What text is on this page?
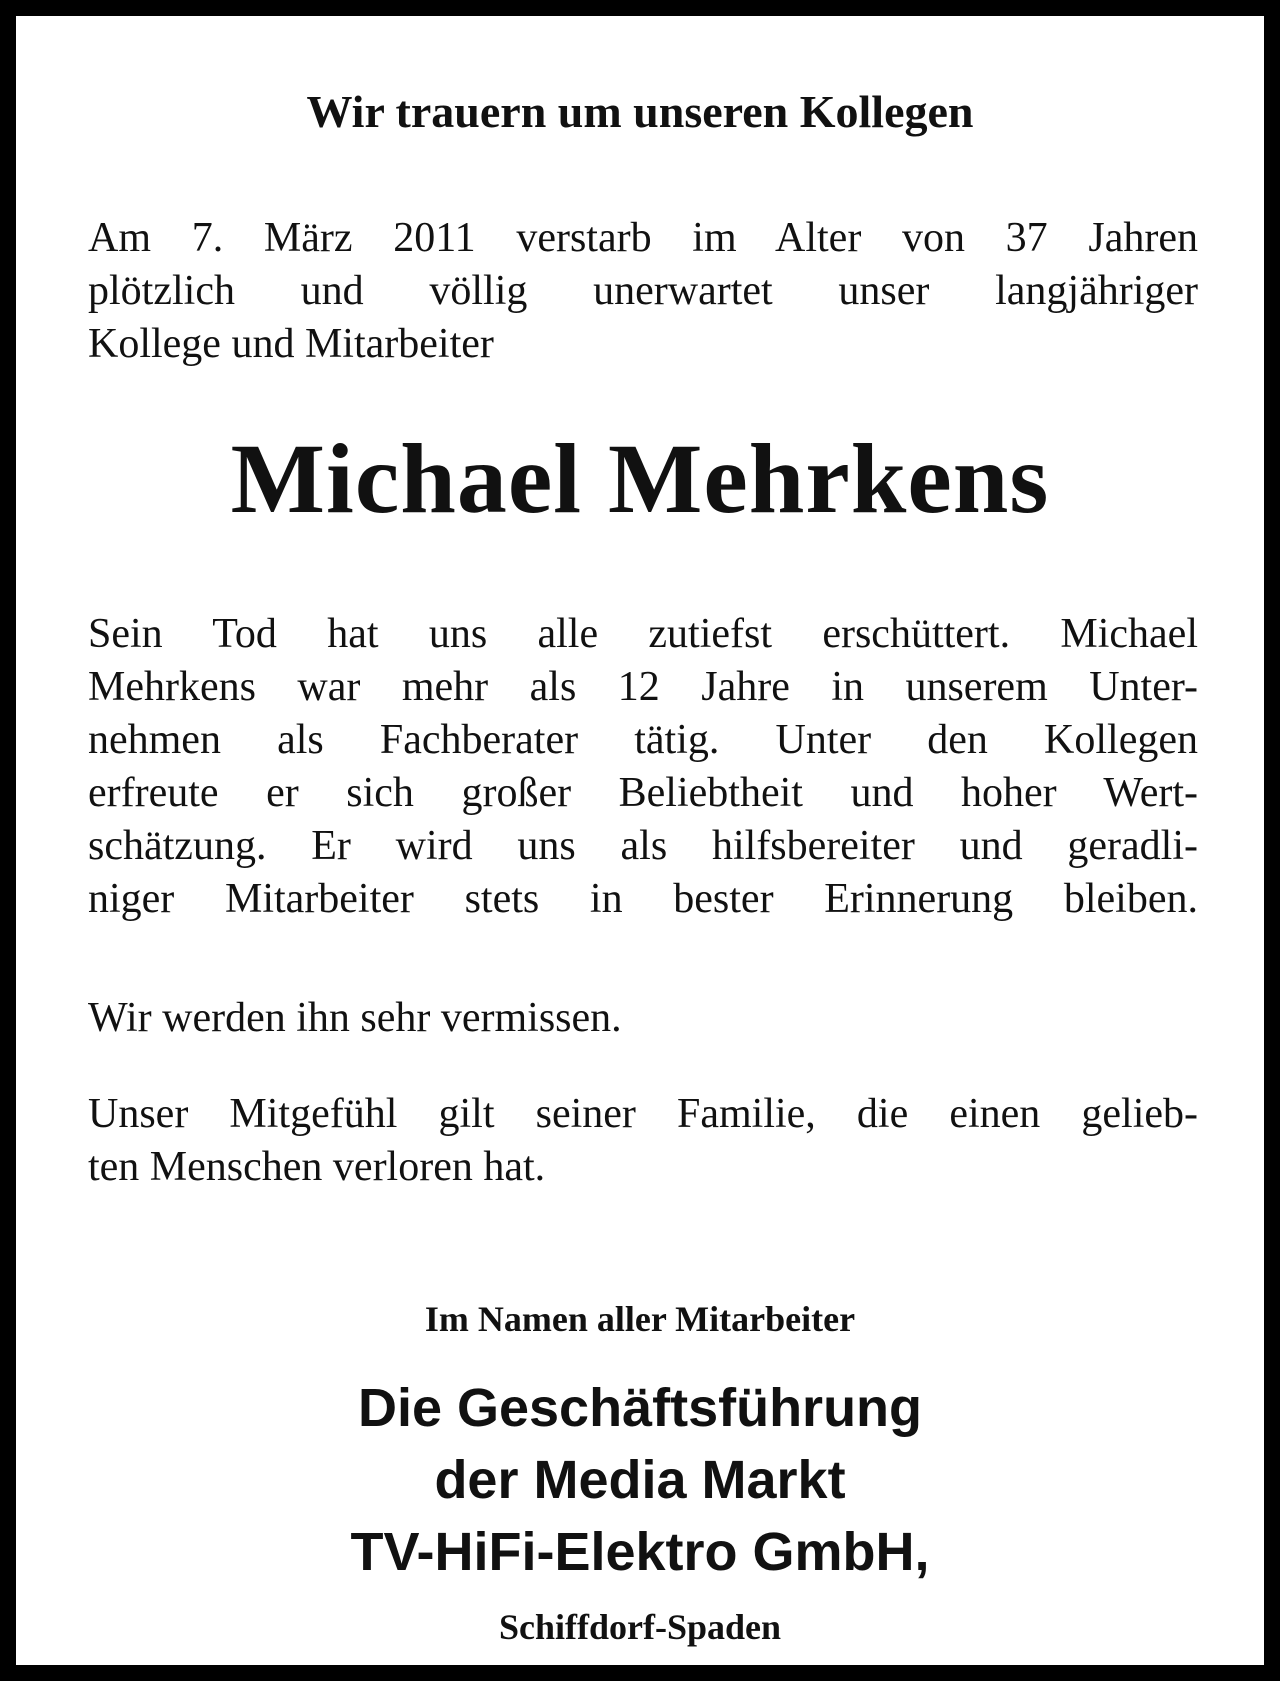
Wir trauern um unseren Kollegen

Am 7. März 2011 verstarb im Alter von 37 Jahren
plötzlich und völlig unerwartet unser langjähriger
Kollege und Mitarbeiter

Michael Mehrkens

Sein Tod hat uns alle zutiefst erschüttert. Michael
Mehrkens war mehr als 12 Jahre in unserem Unter-
nehmen als Fachberater tätig. Unter den Kollegen
erfreute er sich großer Beliebtheit und hoher Wert-
schätzung. Er wird uns als hilfsbereiter und geradli-
niger Mitarbeiter stets in bester Erinnerung bleiben.

Wir werden ihn sehr vermissen.

Unser Mitgefühl gilt seiner Familie, die einen gelieb-
ten Menschen verloren hat.

Im Namen aller Mitarbeiter
Die Geschäftsführung
der Media Markt
TV-HiFi-Elektro GmbH,
Schiffdorf-Spaden
